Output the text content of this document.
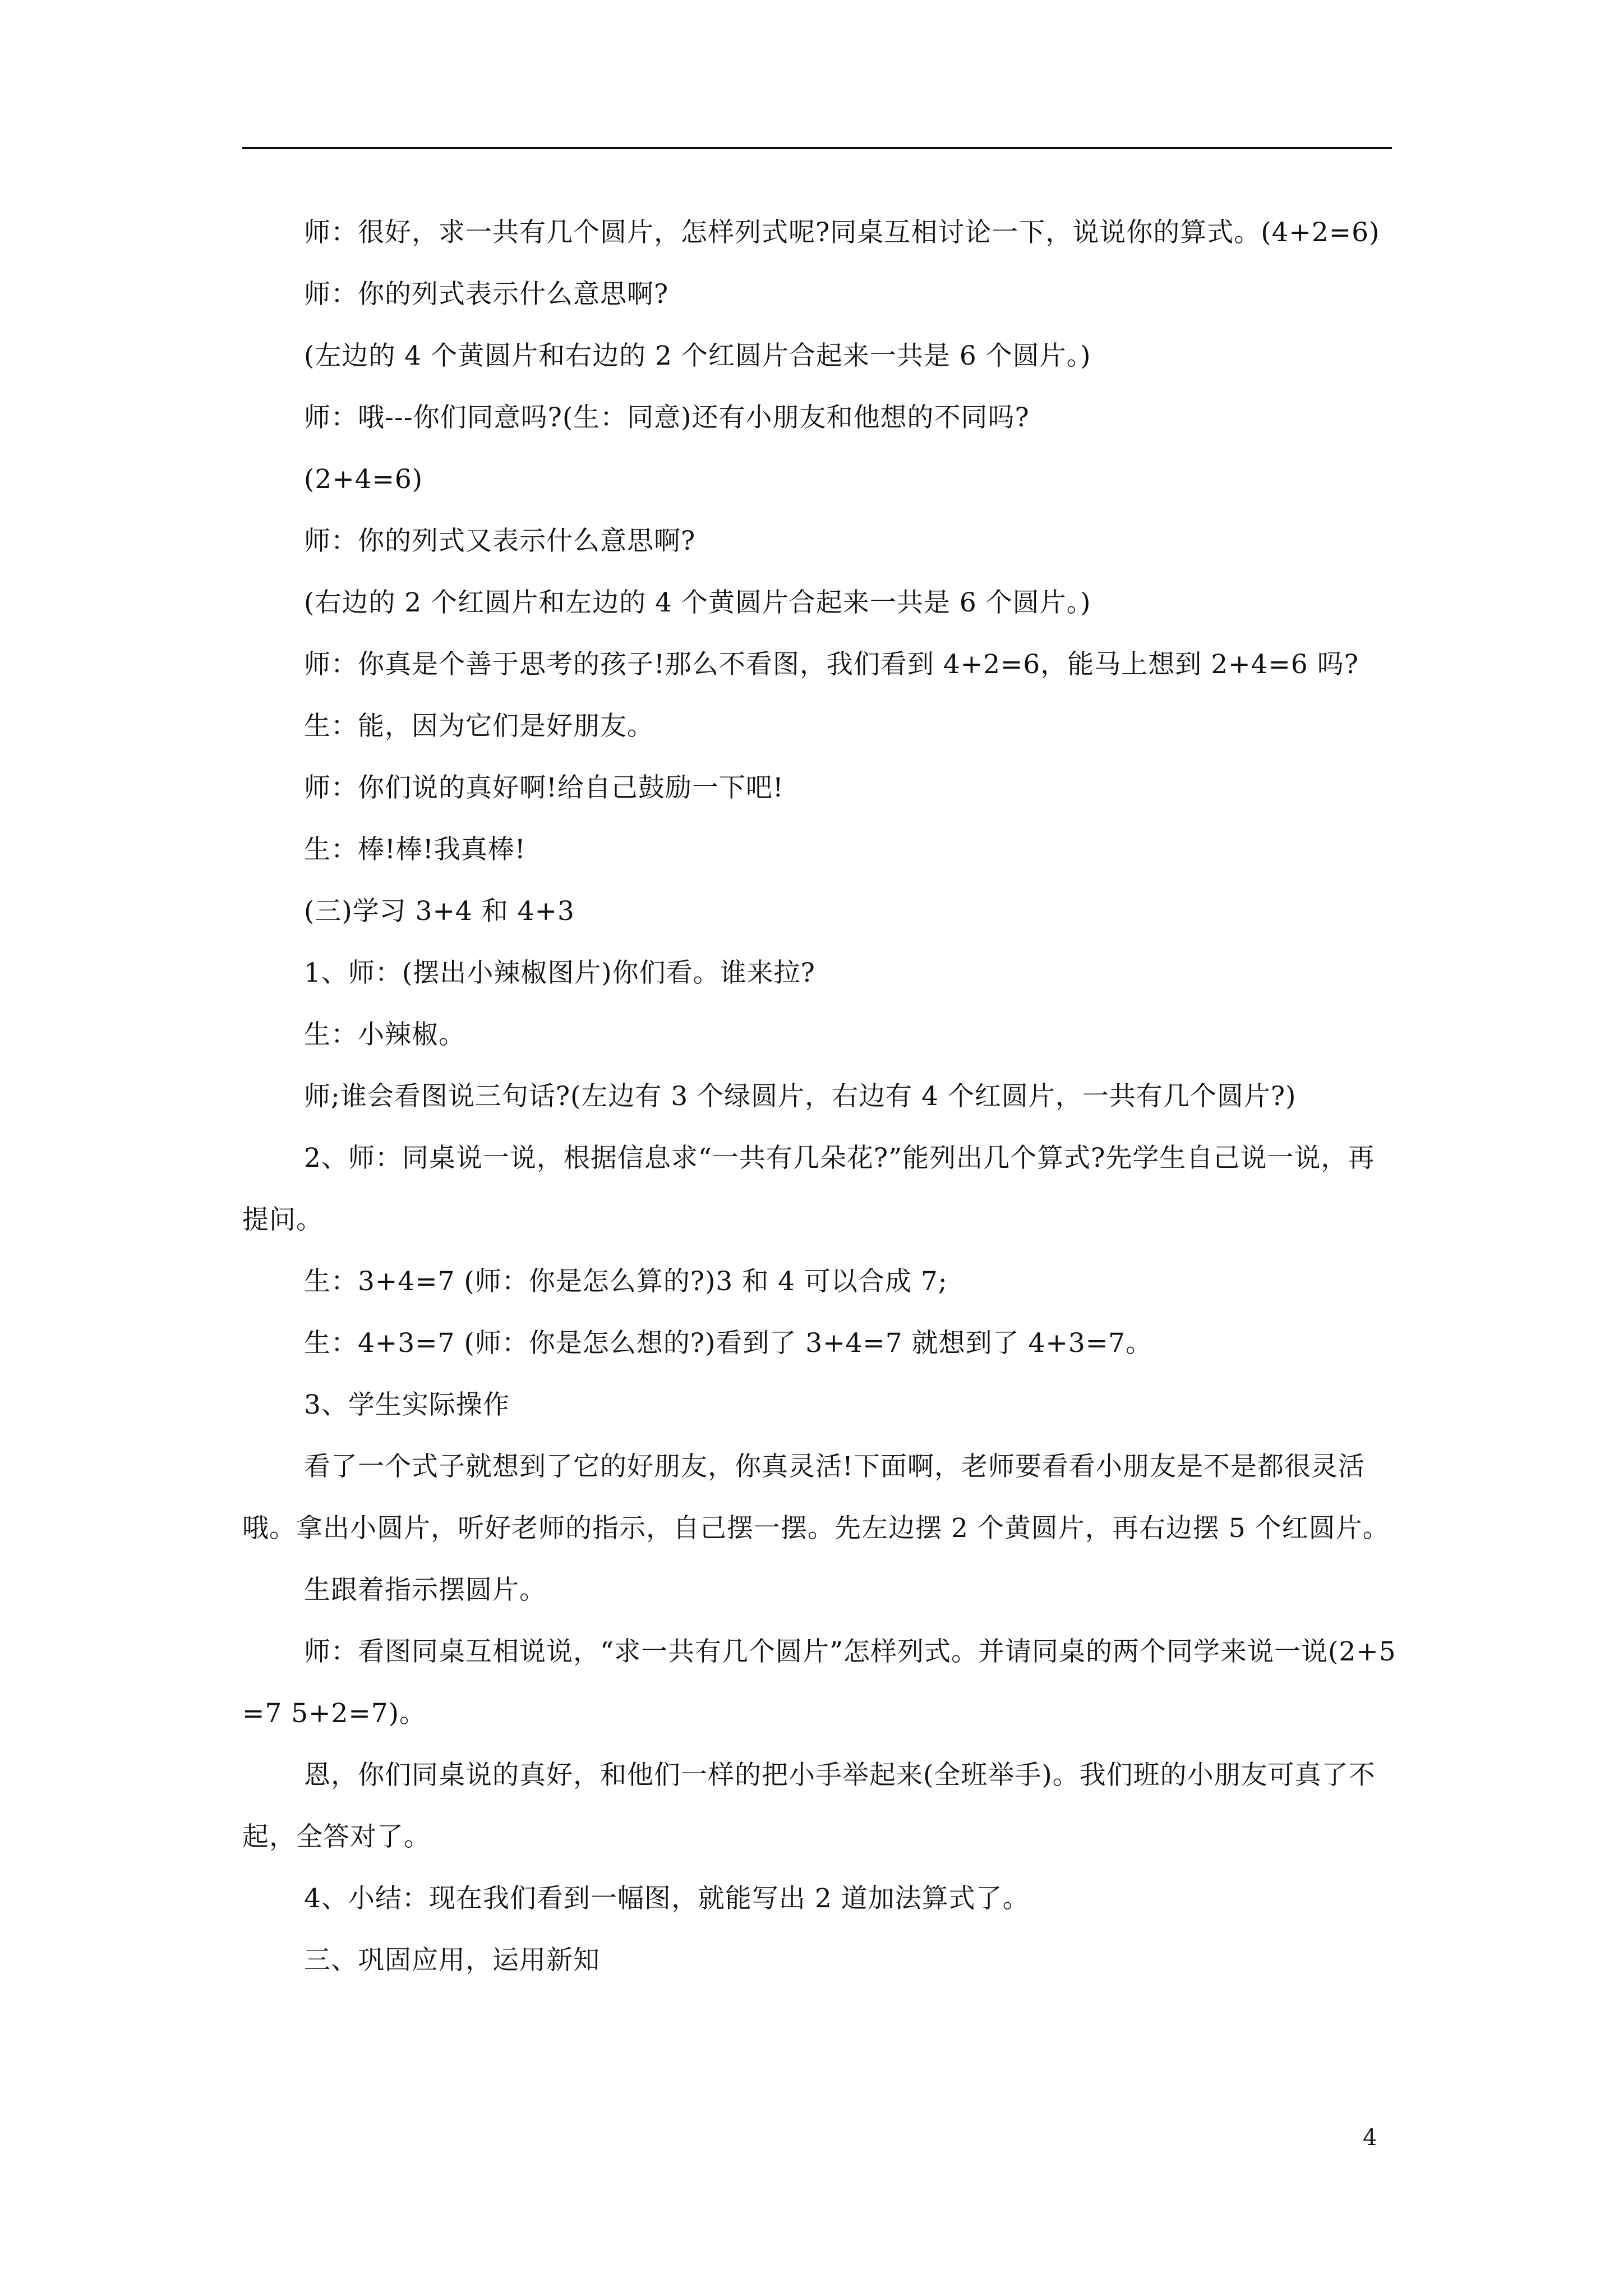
师：很好，求一共有几个圆片，怎样列式呢?同桌互相讨论一下，说说你的算式。(4+2=6)

师：你的列式表示什么意思啊?

(左边的 4 个黄圆片和右边的 2 个红圆片合起来一共是 6 个圆片。)

师：哦---你们同意吗?(生：同意)还有小朋友和他想的不同吗?

(2+4=6)

师：你的列式又表示什么意思啊?

(右边的 2 个红圆片和左边的 4 个黄圆片合起来一共是 6 个圆片。)

师：你真是个善于思考的孩子!那么不看图，我们看到 4+2=6，能马上想到 2+4=6 吗?

生：能，因为它们是好朋友。

师：你们说的真好啊!给自己鼓励一下吧!

生：棒!棒!我真棒!

(三)学习 3+4 和 4+3

1、师：(摆出小辣椒图片)你们看。谁来拉?

生：小辣椒。

师;谁会看图说三句话?(左边有 3 个绿圆片，右边有 4 个红圆片，一共有几个圆片?)

2、师：同桌说一说，根据信息求“一共有几朵花?”能列出几个算式?先学生自己说一说，再提问。

生：3+4=7 (师：你是怎么算的?)3 和 4 可以合成 7;

生：4+3=7 (师：你是怎么想的?)看到了 3+4=7 就想到了 4+3=7。

3、学生实际操作

看了一个式子就想到了它的好朋友，你真灵活!下面啊，老师要看看小朋友是不是都很灵活哦。拿出小圆片，听好老师的指示，自己摆一摆。先左边摆 2 个黄圆片，再右边摆 5 个红圆片。

生跟着指示摆圆片。

师：看图同桌互相说说，“求一共有几个圆片”怎样列式。并请同桌的两个同学来说一说(2+5=7 5+2=7)。

恩，你们同桌说的真好，和他们一样的把小手举起来(全班举手)。我们班的小朋友可真了不起，全答对了。

4、小结：现在我们看到一幅图，就能写出 2 道加法算式了。

三、巩固应用，运用新知

4
